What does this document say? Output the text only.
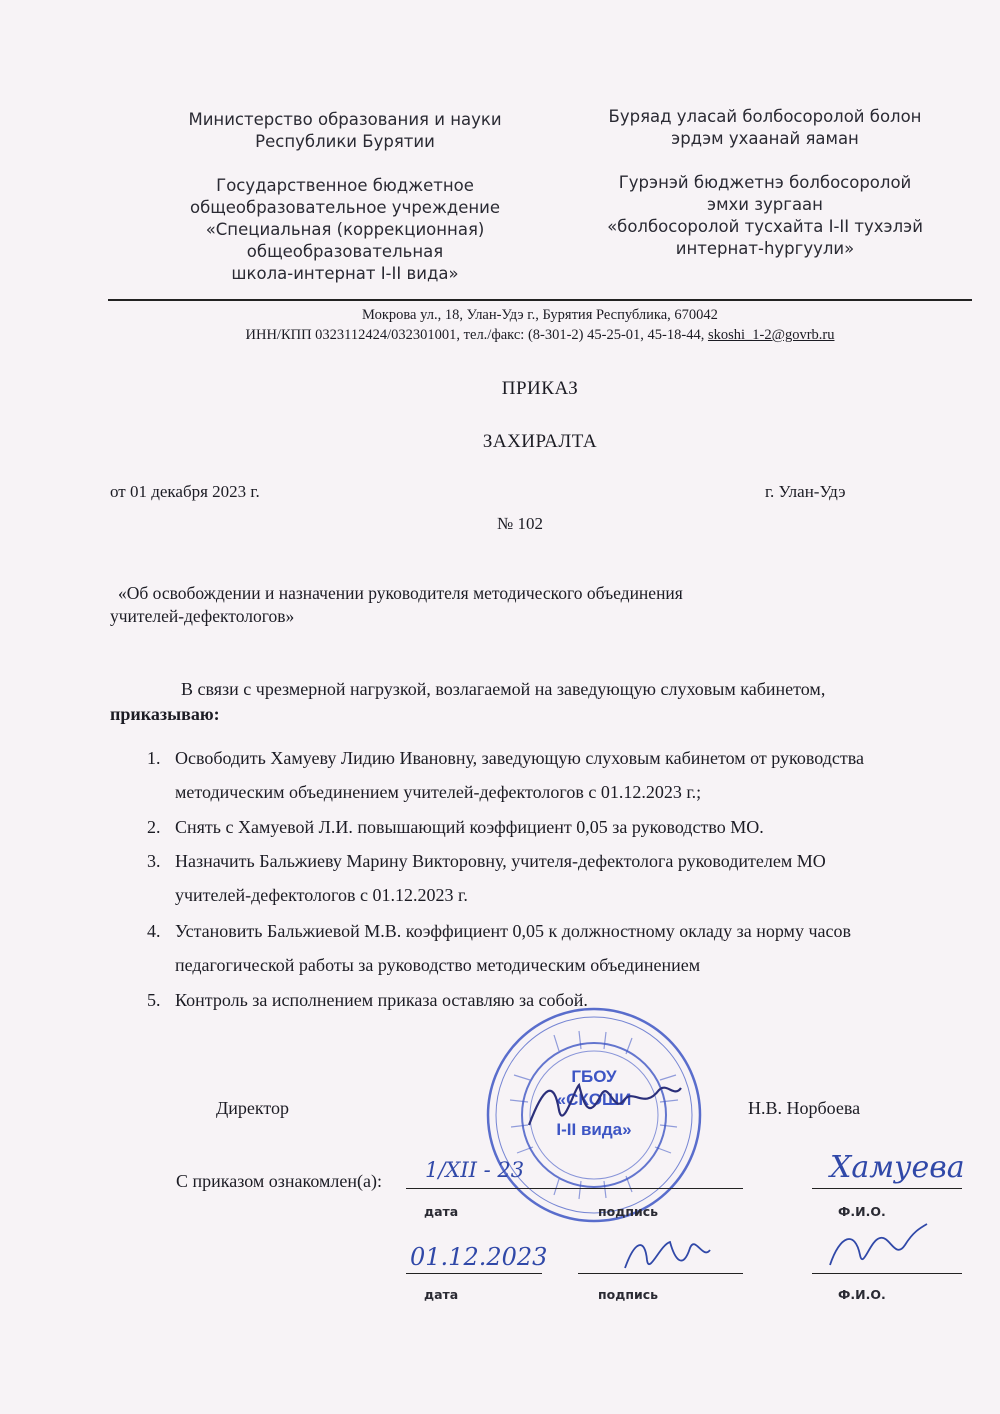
Министерство образования и науки
Республики Бурятии
Государственное бюджетное
общеобразовательное учреждение
«Специальная (коррекционная)
общеобразовательная
школа-интернат I-II вида»
Буряад уласай болбосоролой болон
эрдэм ухаанай яаман
Гурэнэй бюджетнэ болбосоролой
эмхи зургаан
«болбосоролой тусхайта I-II тухэлэй
интернат-hургуули»
Мокрова ул., 18, Улан-Удэ г., Бурятия Республика, 670042
ИНН/КПП 0323112424/032301001, тел./факс: (8-301-2) 45-25-01, 45-18-44, skoshi_1-2@govrb.ru
ПРИКАЗ
ЗАХИРАЛТА
от 01 декабря 2023 г.	г. Улан-Удэ
№ 102
«Об освобождении и назначении руководителя методического объединения
учителей-дефектологов»
В связи с чрезмерной нагрузкой, возлагаемой на заведующую слуховым кабинетом,
приказываю:
1. Освободить Хамуеву Лидию Ивановну, заведующую слуховым кабинетом от руководства
методическим объединением учителей-дефектологов с 01.12.2023 г.;
2. Снять с Хамуевой Л.И. повышающий коэффициент 0,05 за руководство МО.
3. Назначить Бальжиеву Марину Викторовну, учителя-дефектолога руководителем МО
учителей-дефектологов с 01.12.2023 г.
4. Установить Бальжиевой М.В. коэффициент 0,05 к должностному окладу за норму часов
педагогической работы за руководство методическим объединением
5. Контроль за исполнением приказа оставляю за собой.
ГБОУ
«СКОШИ
I-II вида»
Директор	Н.В. Норбоева
С приказом ознакомлен(а): 1/XII - 23
дата	подпись
Хамуева
Ф.И.О.
01.12.2023
дата	подпись	Ф.И.О.
